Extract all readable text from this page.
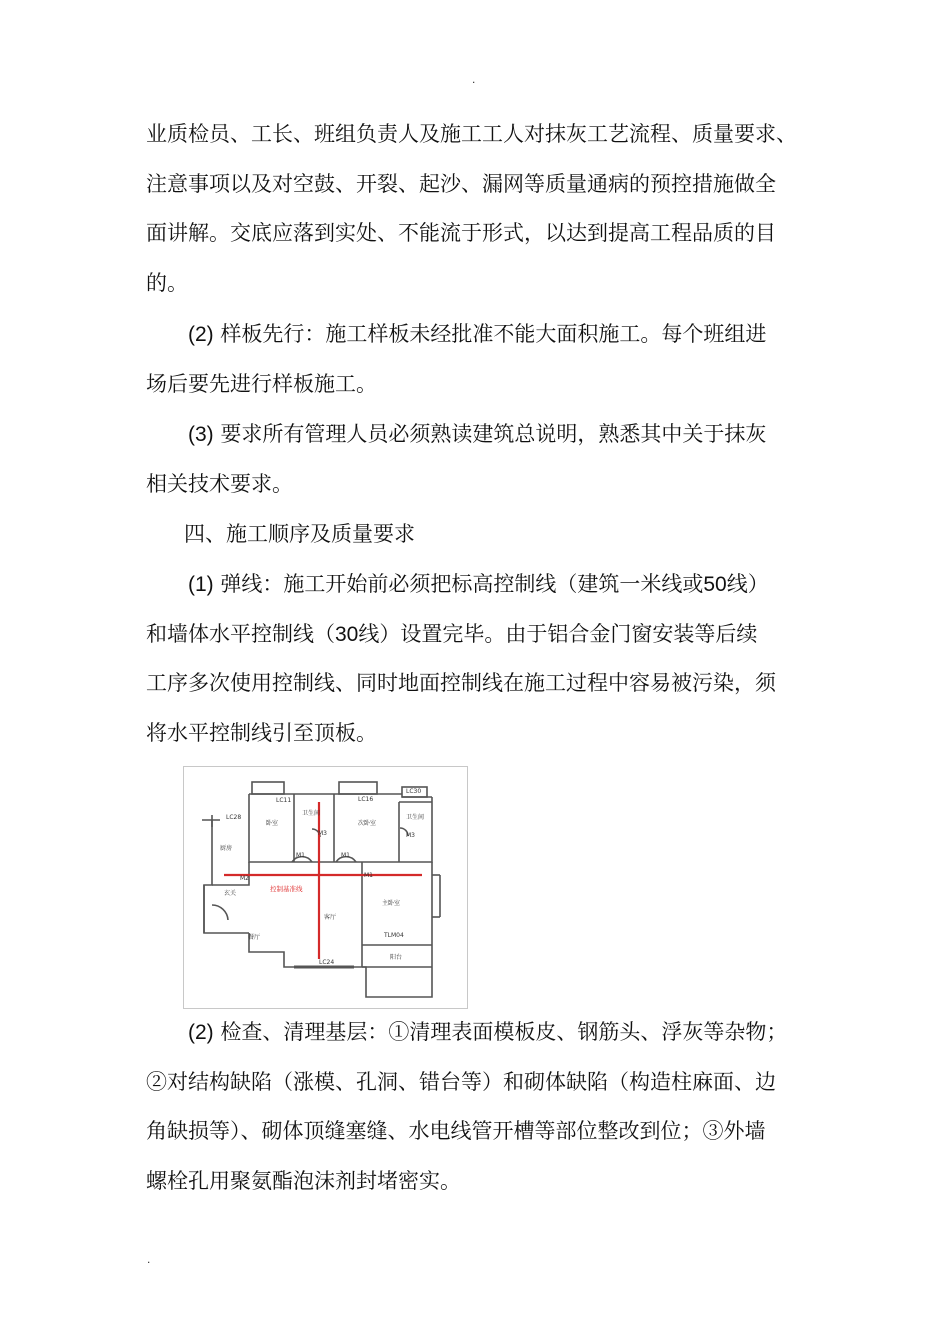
.
业质检员、工长、班组负责人及施工工人对抹灰工艺流程、质量要求、
注意事项以及对空鼓、开裂、起沙、漏网等质量通病的预控措施做全
面讲解。交底应落到实处、不能流于形式，以达到提高工程品质的目
的。
(2) 样板先行：施工样板未经批准不能大面积施工。每个班组进
场后要先进行样板施工。
(3) 要求所有管理人员必须熟读建筑总说明，熟悉其中关于抹灰
相关技术要求。
四、施工顺序及质量要求
(1) 弹线：施工开始前必须把标高控制线（建筑一米线或50线）
和墙体水平控制线（30线）设置完毕。由于铝合金门窗安装等后续
工序多次使用控制线、同时地面控制线在施工过程中容易被污染，须
将水平控制线引至顶板。
卧室
卫生间
次卧室
卫生间
厨房
玄关
餐厅
客厅
主卧室
阳台
控制基准线
LC11	LC16
LC30
LC28
LC24
M1	M1
M1
M2
M3	M3
TLM04
(2) 检查、清理基层：①清理表面模板皮、钢筋头、浮灰等杂物；
②对结构缺陷（涨模、孔洞、错台等）和砌体缺陷（构造柱麻面、边
角缺损等）、砌体顶缝塞缝、水电线管开槽等部位整改到位；③外墙
螺栓孔用聚氨酯泡沫剂封堵密实。
.
